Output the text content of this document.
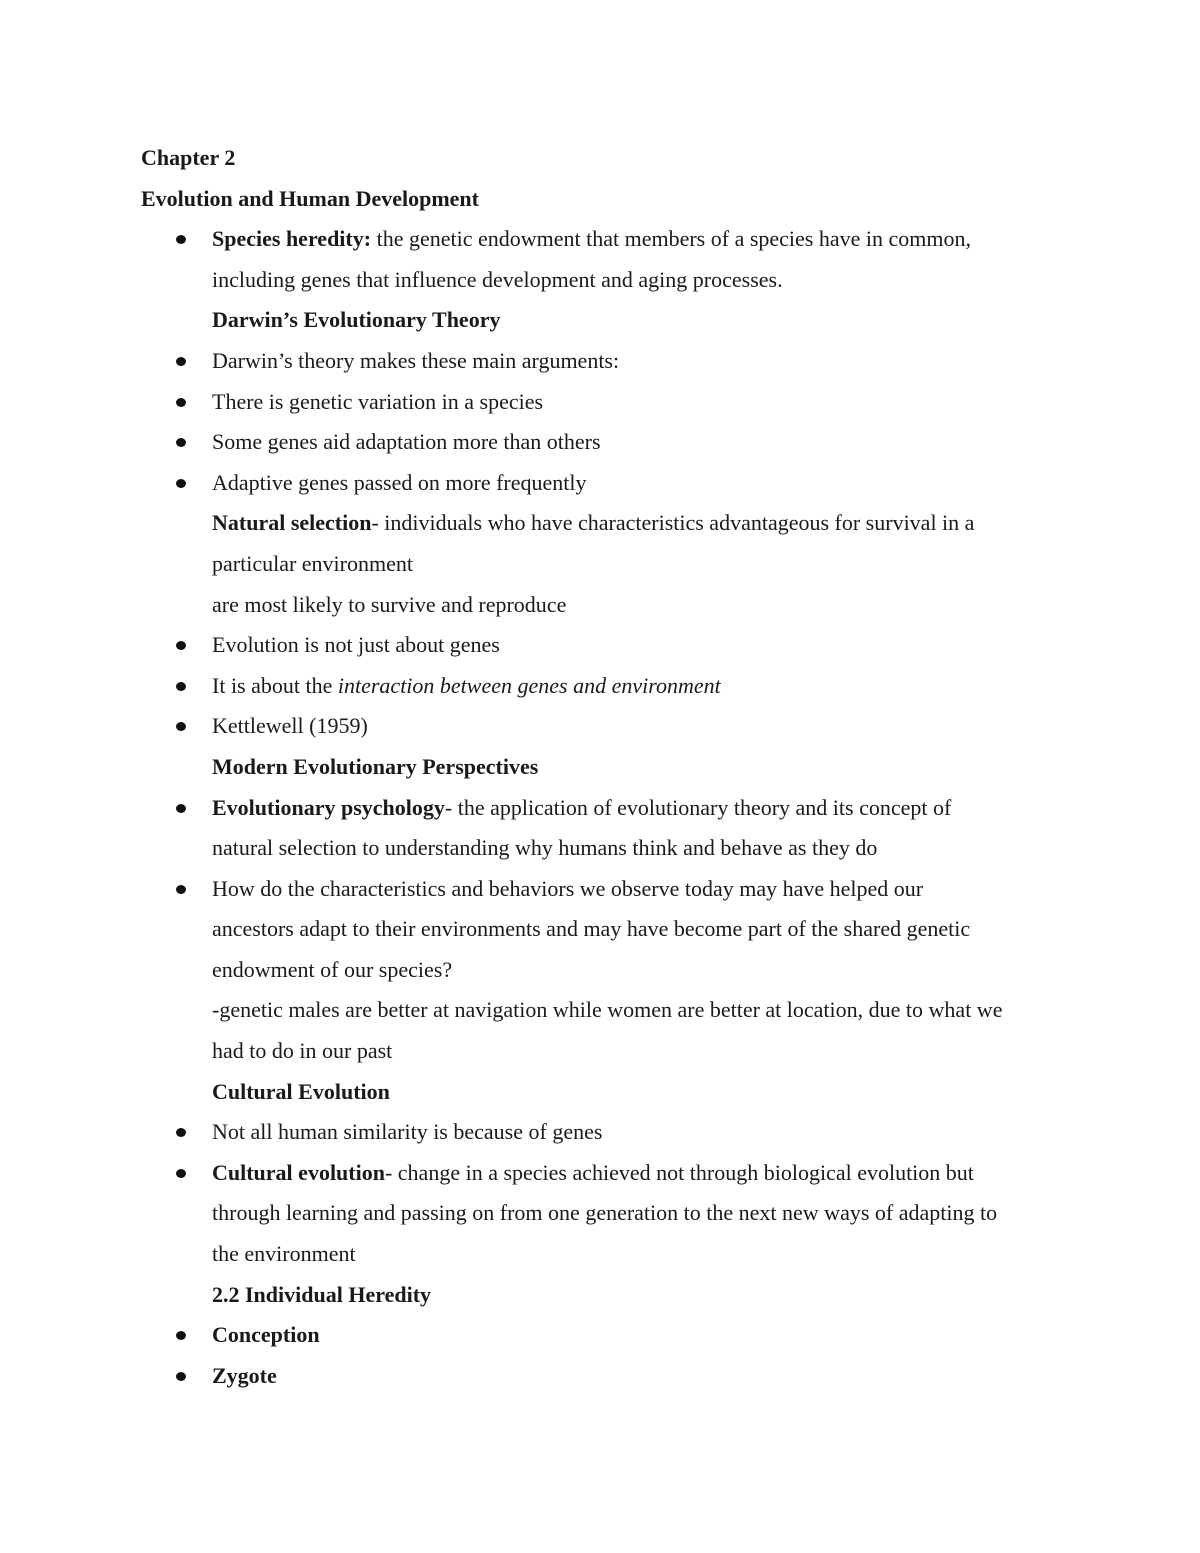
Chapter 2
Evolution and Human Development
Species heredity: the genetic endowment that members of a species have in common,
including genes that influence development and aging processes.
Darwin’s Evolutionary Theory
Darwin’s theory makes these main arguments:
There is genetic variation in a species
Some genes aid adaptation more than others
Adaptive genes passed on more frequently
Natural selection- individuals who have characteristics advantageous for survival in a
particular environment
are most likely to survive and reproduce
Evolution is not just about genes
It is about the interaction between genes and environment
Kettlewell (1959)
Modern Evolutionary Perspectives
Evolutionary psychology- the application of evolutionary theory and its concept of
natural selection to understanding why humans think and behave as they do
How do the characteristics and behaviors we observe today may have helped our
ancestors adapt to their environments and may have become part of the shared genetic
endowment of our species?
-genetic males are better at navigation while women are better at location, due to what we
had to do in our past
Cultural Evolution
Not all human similarity is because of genes
Cultural evolution- change in a species achieved not through biological evolution but
through learning and passing on from one generation to the next new ways of adapting to
the environment
2.2 Individual Heredity
Conception
Zygote
